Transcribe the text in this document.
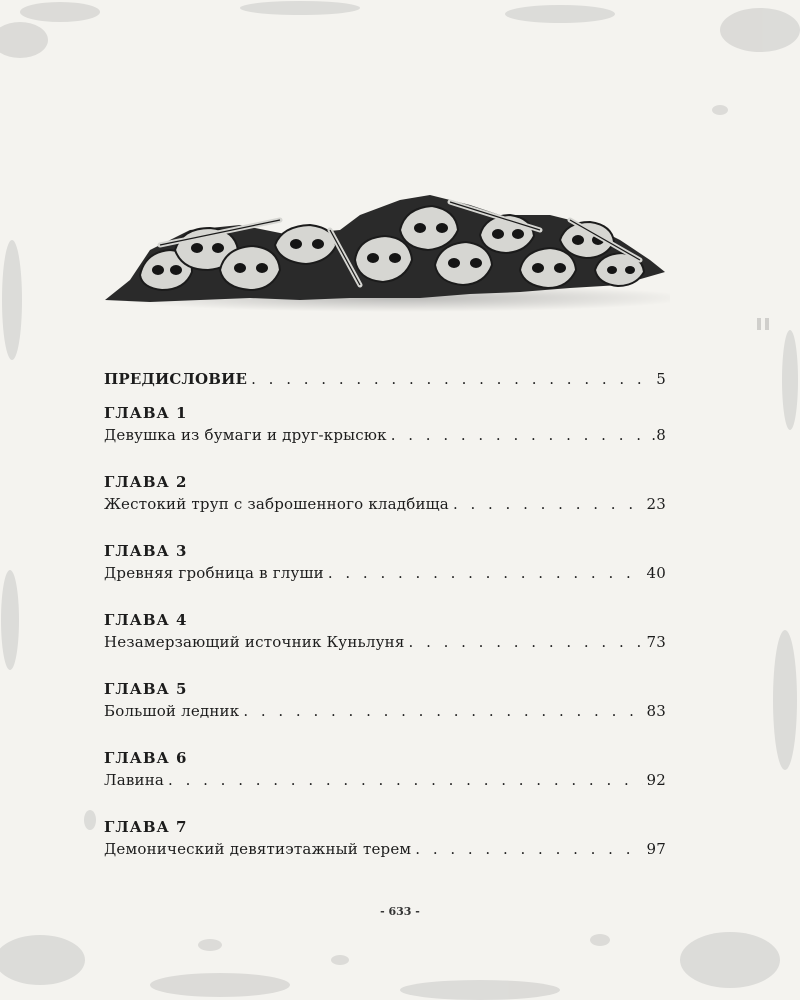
ПРЕДИСЛОВИЕ . . .	5
ГЛАВА 1
Девушка из бумаги и друг-крысюк . . .	.8
ГЛАВА 2
Жестокий труп с заброшенного кладбища . . .	23
ГЛАВА 3
Древняя гробница в глуши . . .	40
ГЛАВА 4
Незамерзающий источник Куньлуня . . .	73
ГЛАВА 5
Большой ледник . . .	83
ГЛАВА 6
Лавина . . .	92
ГЛАВА 7
Демонический девятиэтажный терем . . .	97
- 633 -
